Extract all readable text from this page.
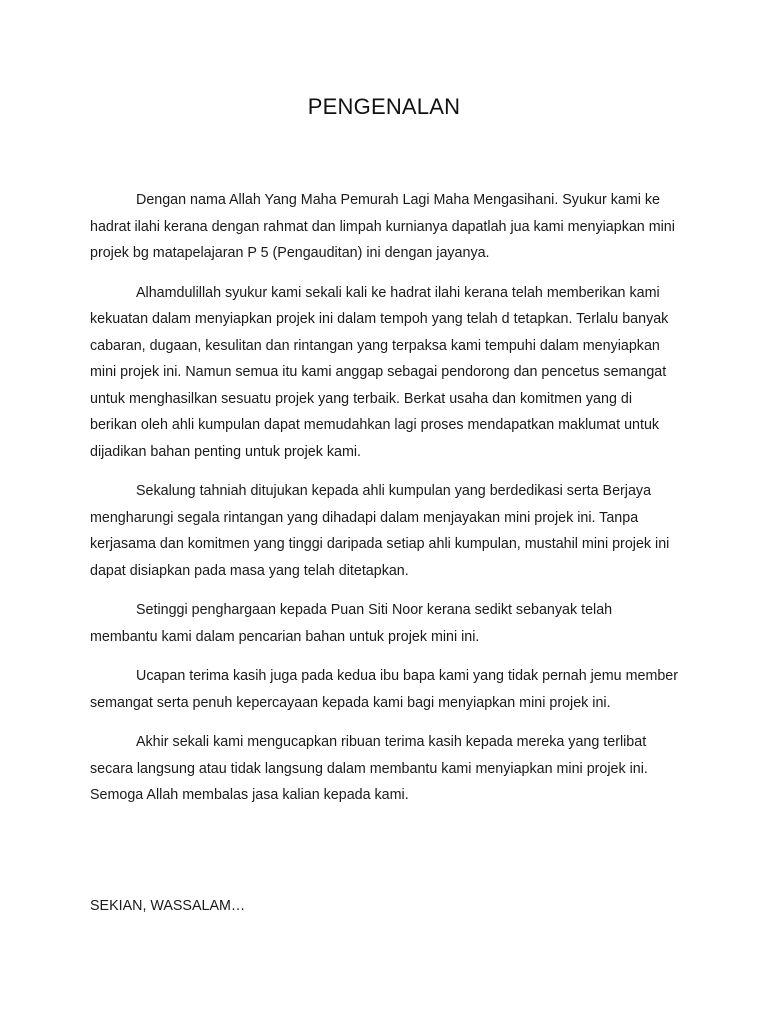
PENGENALAN

Dengan nama Allah Yang Maha Pemurah Lagi Maha Mengasihani. Syukur kami ke hadrat ilahi kerana dengan rahmat dan limpah kurnianya dapatlah jua kami menyiapkan mini projek bg matapelajaran P 5 (Pengauditan) ini dengan jayanya.

Alhamdulillah syukur kami sekali kali ke hadrat ilahi kerana telah memberikan kami kekuatan dalam menyiapkan projek ini dalam tempoh yang telah d tetapkan. Terlalu banyak cabaran, dugaan, kesulitan dan rintangan yang terpaksa kami tempuhi dalam menyiapkan mini projek ini. Namun semua itu kami anggap sebagai pendorong dan pencetus semangat untuk menghasilkan sesuatu projek yang terbaik. Berkat usaha dan komitmen yang di berikan oleh ahli kumpulan dapat memudahkan lagi proses mendapatkan maklumat untuk dijadikan bahan penting untuk projek kami.

Sekalung tahniah ditujukan kepada ahli kumpulan yang berdedikasi serta Berjaya mengharungi segala rintangan yang dihadapi dalam menjayakan mini projek ini. Tanpa kerjasama dan komitmen yang tinggi daripada setiap ahli kumpulan, mustahil mini projek ini dapat disiapkan pada masa yang telah ditetapkan.

Setinggi penghargaan kepada Puan Siti Noor kerana sedikt sebanyak telah membantu kami dalam pencarian bahan untuk projek mini ini.

Ucapan terima kasih juga pada kedua ibu bapa kami yang tidak pernah jemu member semangat serta penuh kepercayaan kepada kami bagi menyiapkan mini projek ini.

Akhir sekali kami mengucapkan ribuan terima kasih kepada mereka yang terlibat secara langsung atau tidak langsung dalam membantu kami menyiapkan mini projek ini. Semoga Allah membalas jasa kalian kepada kami.

SEKIAN, WASSALAM…
